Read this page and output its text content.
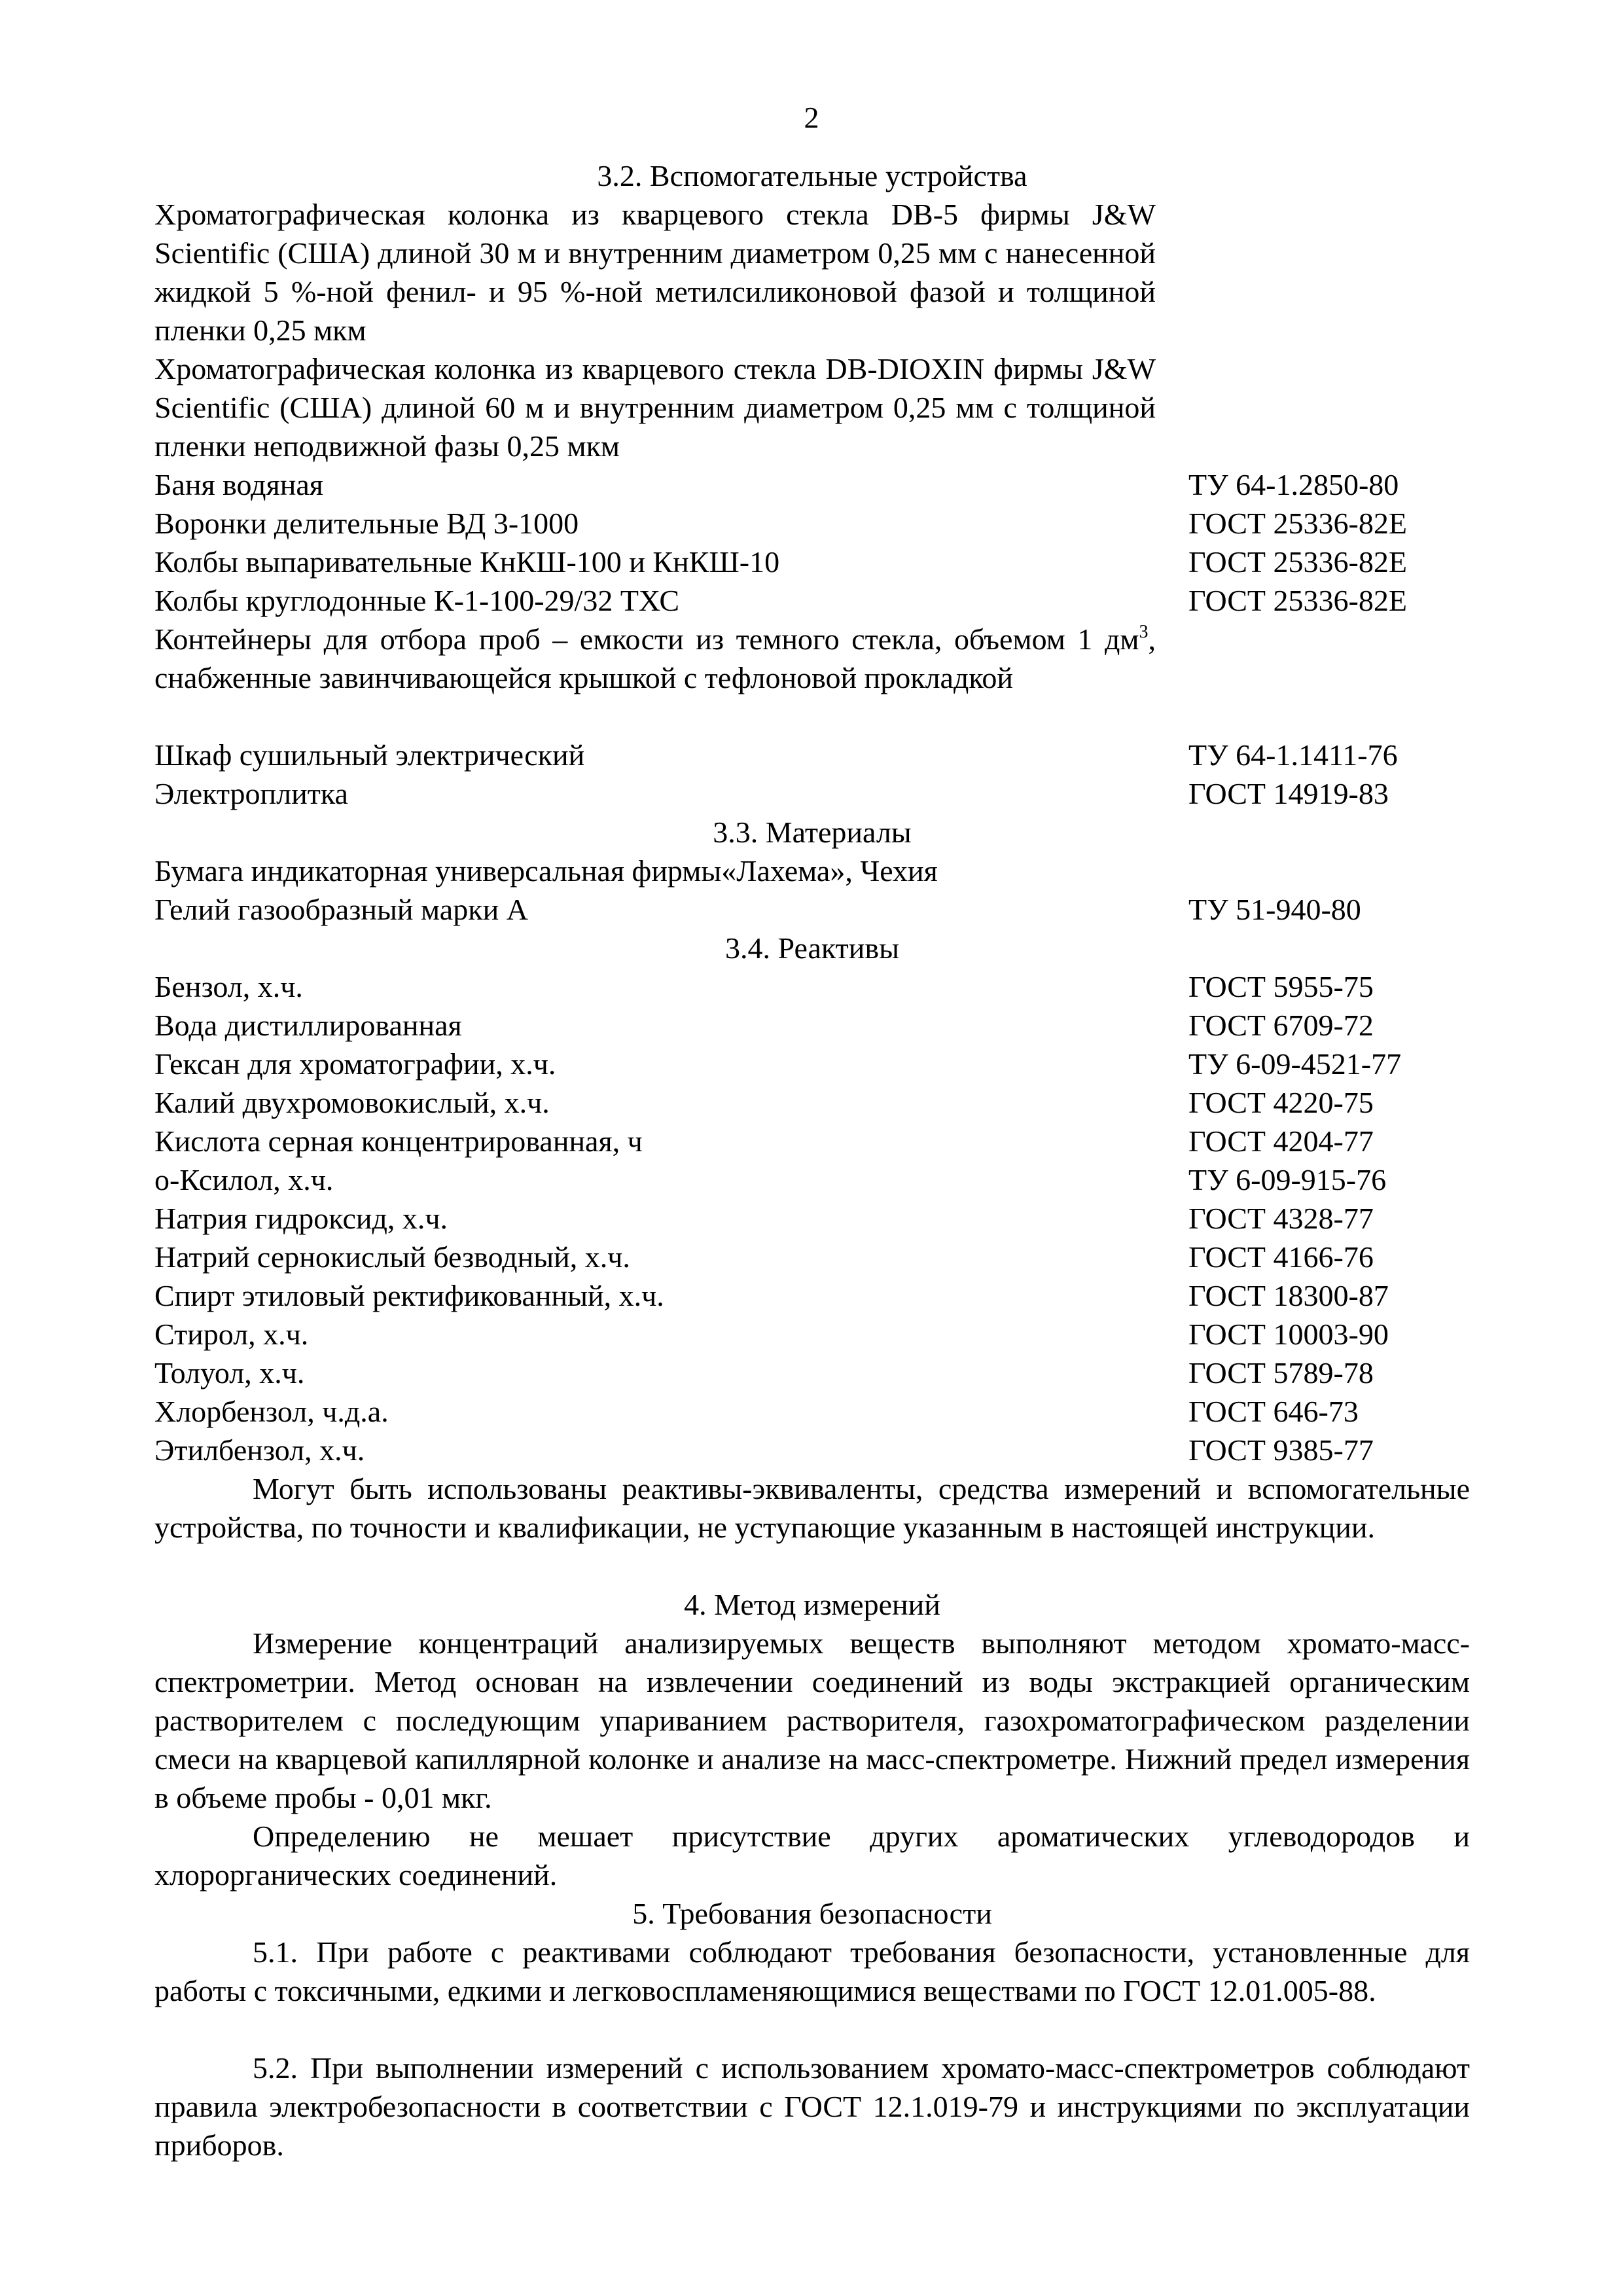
2
3.2. Вспомогательные устройства
Хроматографическая колонка из кварцевого стекла DB-5 фирмы J&W Scientific (США) длиной 30 м и внутренним диаметром 0,25 мм с нанесенной жидкой 5 %-ной фенил- и 95 %-ной метилсиликоновой фазой и толщиной пленки 0,25 мкм
Хроматографическая колонка из кварцевого стекла DB-DIOXIN фирмы J&W Scientific (США) длиной 60 м и внутренним диаметром 0,25 мм с толщиной пленки неподвижной фазы 0,25 мкм
Баня водяная	ТУ 64-1.2850-80
Воронки делительные ВД 3-1000	ГОСТ 25336-82Е
Колбы выпаривательные КнКШ-100 и КнКШ-10	ГОСТ 25336-82Е
Колбы круглодонные К-1-100-29/32 ТХС	ГОСТ 25336-82Е
Контейнеры для отбора проб – емкости из темного стекла, объемом 1 $дм^3$, снабженные завинчивающейся крышкой с тефлоновой прокладкой
Шкаф сушильный электрический	ТУ 64-1.1411-76
Электроплитка	ГОСТ 14919-83
3.3. Материалы
Бумага индикаторная универсальная фирмы«Лахема», Чехия
Гелий газообразный марки А	ТУ 51-940-80
3.4. Реактивы
Бензол, х.ч.	ГОСТ 5955-75
Вода дистиллированная	ГОСТ 6709-72
Гексан для хроматографии, х.ч.	ТУ 6-09-4521-77
Калий двухромовокислый, х.ч.	ГОСТ 4220-75
Кислота серная концентрированная, ч	ГОСТ 4204-77
о-Ксилол, х.ч.	ТУ 6-09-915-76
Натрия гидроксид, х.ч.	ГОСТ 4328-77
Натрий сернокислый безводный, х.ч.	ГОСТ 4166-76
Спирт этиловый ректификованный, х.ч.	ГОСТ 18300-87
Стирол, х.ч.	ГОСТ 10003-90
Толуол, х.ч.	ГОСТ 5789-78
Хлорбензол, ч.д.а.	ГОСТ 646-73
Этилбензол, х.ч.	ГОСТ 9385-77
Могут быть использованы реактивы-эквиваленты, средства измерений и вспомогательные устройства, по точности и квалификации, не уступающие указанным в настоящей инструкции.
4. Метод измерений
Измерение концентраций анализируемых веществ выполняют методом хромато-масс-спектрометрии. Метод основан на извлечении соединений из воды экстракцией органическим растворителем с последующим упариванием растворителя, газохроматографическом разделении смеси на кварцевой капиллярной колонке и анализе на масс-спектрометре. Нижний предел измерения в объеме пробы - 0,01 мкг.
Определению не мешает присутствие других ароматических углеводородов и хлорорганических соединений.
5. Требования безопасности
5.1. При работе с реактивами соблюдают требования безопасности, установленные для работы с токсичными, едкими и легковоспламеняющимися веществами по ГОСТ 12.01.005-88.
5.2. При выполнении измерений с использованием хромато-масс-спектрометров соблюдают правила электробезопасности в соответствии с ГОСТ 12.1.019-79 и инструкциями по эксплуатации приборов.
